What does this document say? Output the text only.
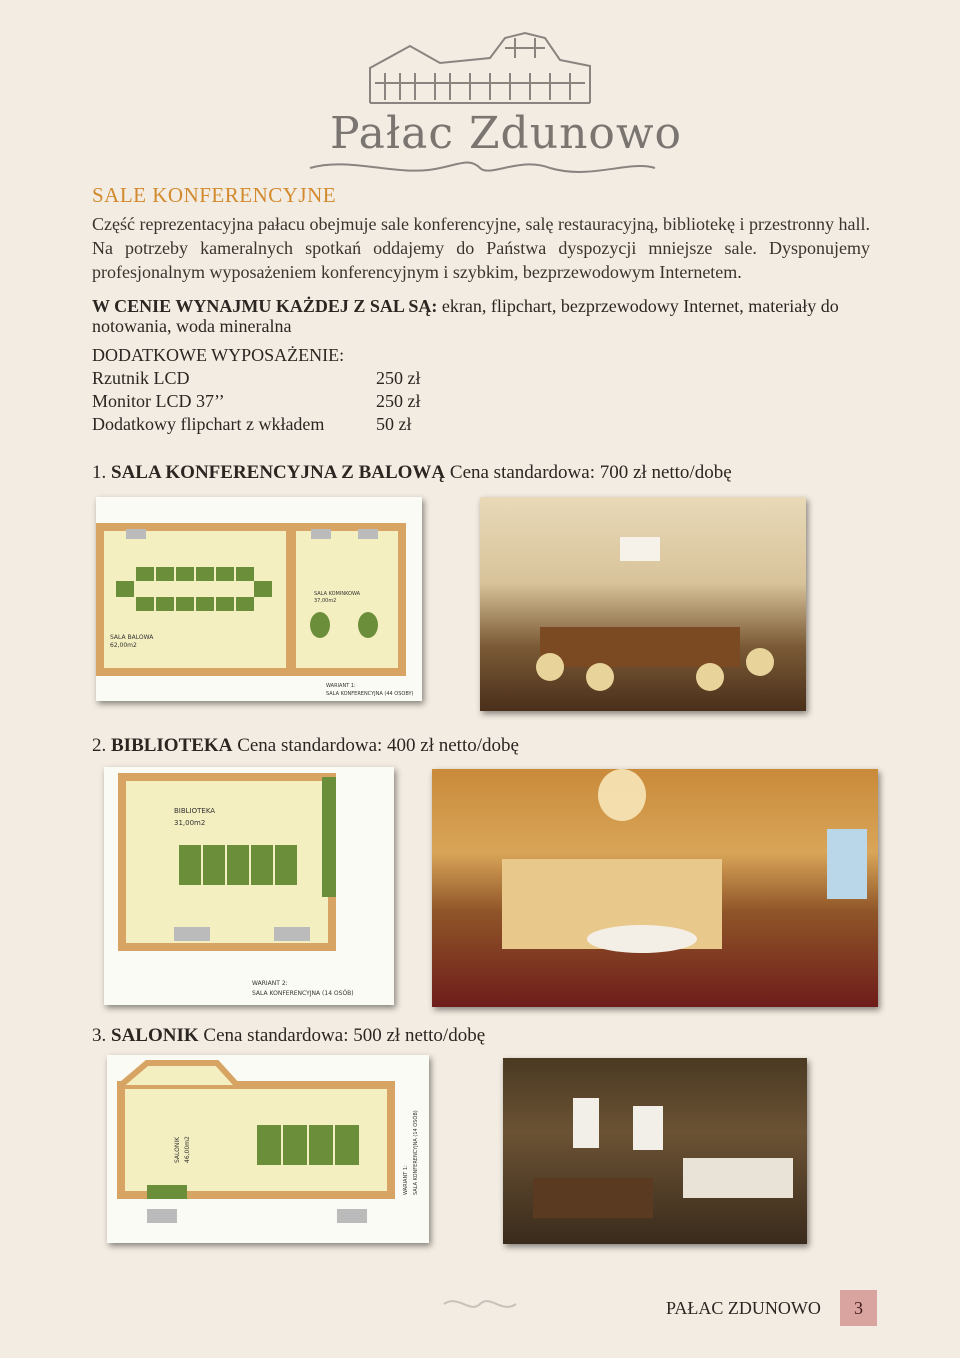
Pałac Zdunowo
SALE KONFERENCYJNE

Część reprezentacyjna pałacu obejmuje sale konferencyjne, salę restauracyjną, bibliotekę i przestronny hall. Na potrzeby kameralnych spotkań oddajemy do Państwa dyspozycji mniejsze sale. Dysponujemy profesjonalnym wyposażeniem konferencyjnym i szybkim, bezprzewodowym Internetem.

W CENIE WYNAJMU KAŻDEJ Z SAL SĄ: ekran, flipchart, bezprzewodowy Internet, materiały do notowania, woda mineralna
DODATKOWE WYPOSAŻENIE:
Rzutnik LCD	250 zł
Monitor LCD 37’’	250 zł
Dodatkowy flipchart z wkładem	50 zł
1. SALA KONFERENCYJNA Z BALOWĄ Cena standardowa: 700 zł netto/dobę
SALA BALOWA
62,00m2
SALA KOMINKOWA
37,00m2
WARIANT 1:
SALA KONFERENCYJNA (44 OSOBY)
2. BIBLIOTEKA Cena standardowa: 400 zł netto/dobę
BIBLIOTEKA
31,00m2
WARIANT 2:
SALA KONFERENCYJNA (14 OSÓB)
3. SALONIK Cena standardowa: 500 zł netto/dobę
SALONIK 46,00m2
WARIANT 1: SALA KONFERENCYJNA (14 OSÓB)
PAŁAC ZDUNOWO	3
